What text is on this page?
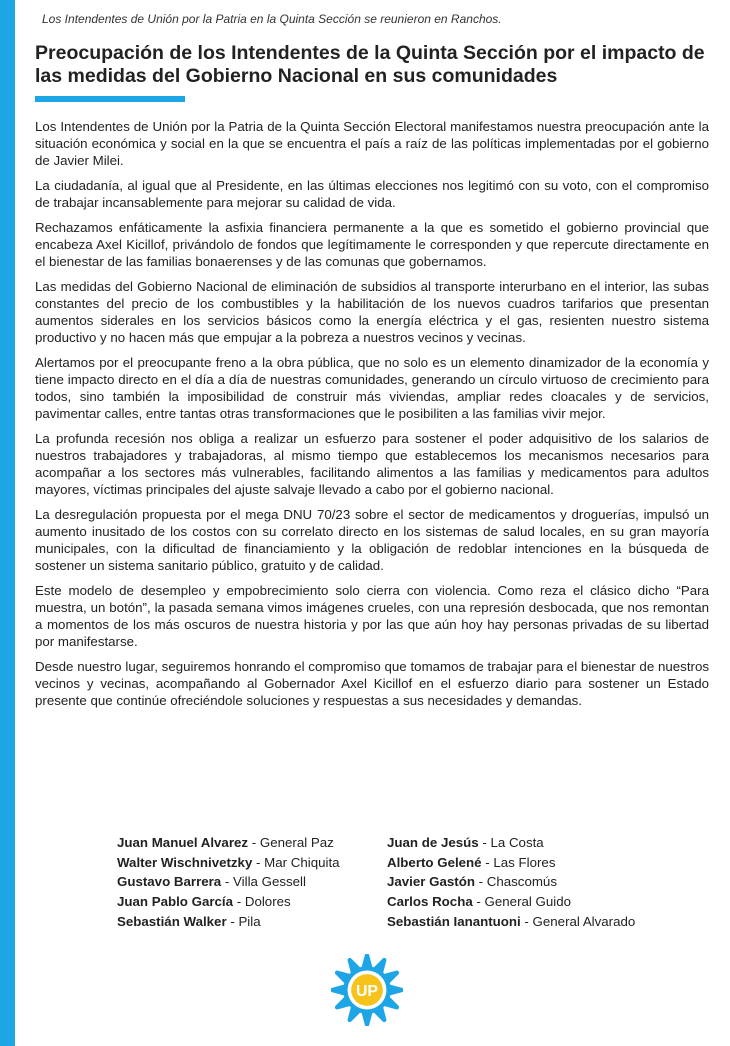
Los Intendentes de Unión por la Patria en la Quinta Sección se reunieron en Ranchos.

Preocupación de los Intendentes de la Quinta Sección por el impacto de las medidas del Gobierno Nacional en sus comunidades

Los Intendentes de Unión por la Patria de la Quinta Sección Electoral manifestamos nuestra preocupación ante la situación económica y social en la que se encuentra el país a raíz de las políticas implementadas por el gobierno de Javier Milei.

La ciudadanía, al igual que al Presidente, en las últimas elecciones nos legitimó con su voto, con el compromiso de trabajar incansablemente para mejorar su calidad de vida.

Rechazamos enfáticamente la asfixia financiera permanente a la que es sometido el gobierno provincial que encabeza Axel Kicillof, privándolo de fondos que legítimamente le corresponden y que repercute directamente en el bienestar de las familias bonaerenses y de las comunas que gobernamos.

Las medidas del Gobierno Nacional de eliminación de subsidios al transporte interurbano en el interior, las subas constantes del precio de los combustibles y la habilitación de los nuevos cuadros tarifarios que presentan aumentos siderales en los servicios básicos como la energía eléctrica y el gas, resienten nuestro sistema productivo y no hacen más que empujar a la pobreza a nuestros vecinos y vecinas.

Alertamos por el preocupante freno a la obra pública, que no solo es un elemento dinamizador de la economía y tiene impacto directo en el día a día de nuestras comunidades, generando un círculo virtuoso de crecimiento para todos, sino también la imposibilidad de construir más viviendas, ampliar redes cloacales y de servicios, pavimentar calles, entre tantas otras transformaciones que le posibiliten a las familias vivir mejor.

La profunda recesión nos obliga a realizar un esfuerzo para sostener el poder adquisitivo de los salarios de nuestros trabajadores y trabajadoras, al mismo tiempo que establecemos los mecanismos necesarios para acompañar a los sectores más vulnerables, facilitando alimentos a las familias y medicamentos para adultos mayores, víctimas principales del ajuste salvaje llevado a cabo por el gobierno nacional.

La desregulación propuesta por el mega DNU 70/23 sobre el sector de medicamentos y droguerías, impulsó un aumento inusitado de los costos con su correlato directo en los sistemas de salud locales, en su gran mayoría municipales, con la dificultad de financiamiento y la obligación de redoblar intenciones en la búsqueda de sostener un sistema sanitario público, gratuito y de calidad.

Este modelo de desempleo y empobrecimiento solo cierra con violencia. Como reza el clásico dicho “Para muestra, un botón”, la pasada semana vimos imágenes crueles, con una represión desbocada, que nos remontan a momentos de los más oscuros de nuestra historia y por las que aún hoy hay personas privadas de su libertad por manifestarse.

Desde nuestro lugar, seguiremos honrando el compromiso que tomamos de trabajar para el bienestar de nuestros vecinos y vecinas, acompañando al Gobernador Axel Kicillof en el esfuerzo diario para sostener un Estado presente que continúe ofreciéndole soluciones y respuestas a sus necesidades y demandas.

Juan Manuel Alvarez - General Paz
Walter Wischnivetzky - Mar Chiquita
Gustavo Barrera - Villa Gessell
Juan Pablo García - Dolores
Sebastián Walker - Pila
Juan de Jesús - La Costa
Alberto Gelené - Las Flores
Javier Gastón - Chascomús
Carlos Rocha - General Guido
Sebastián Ianantuoni - General Alvarado
UP
